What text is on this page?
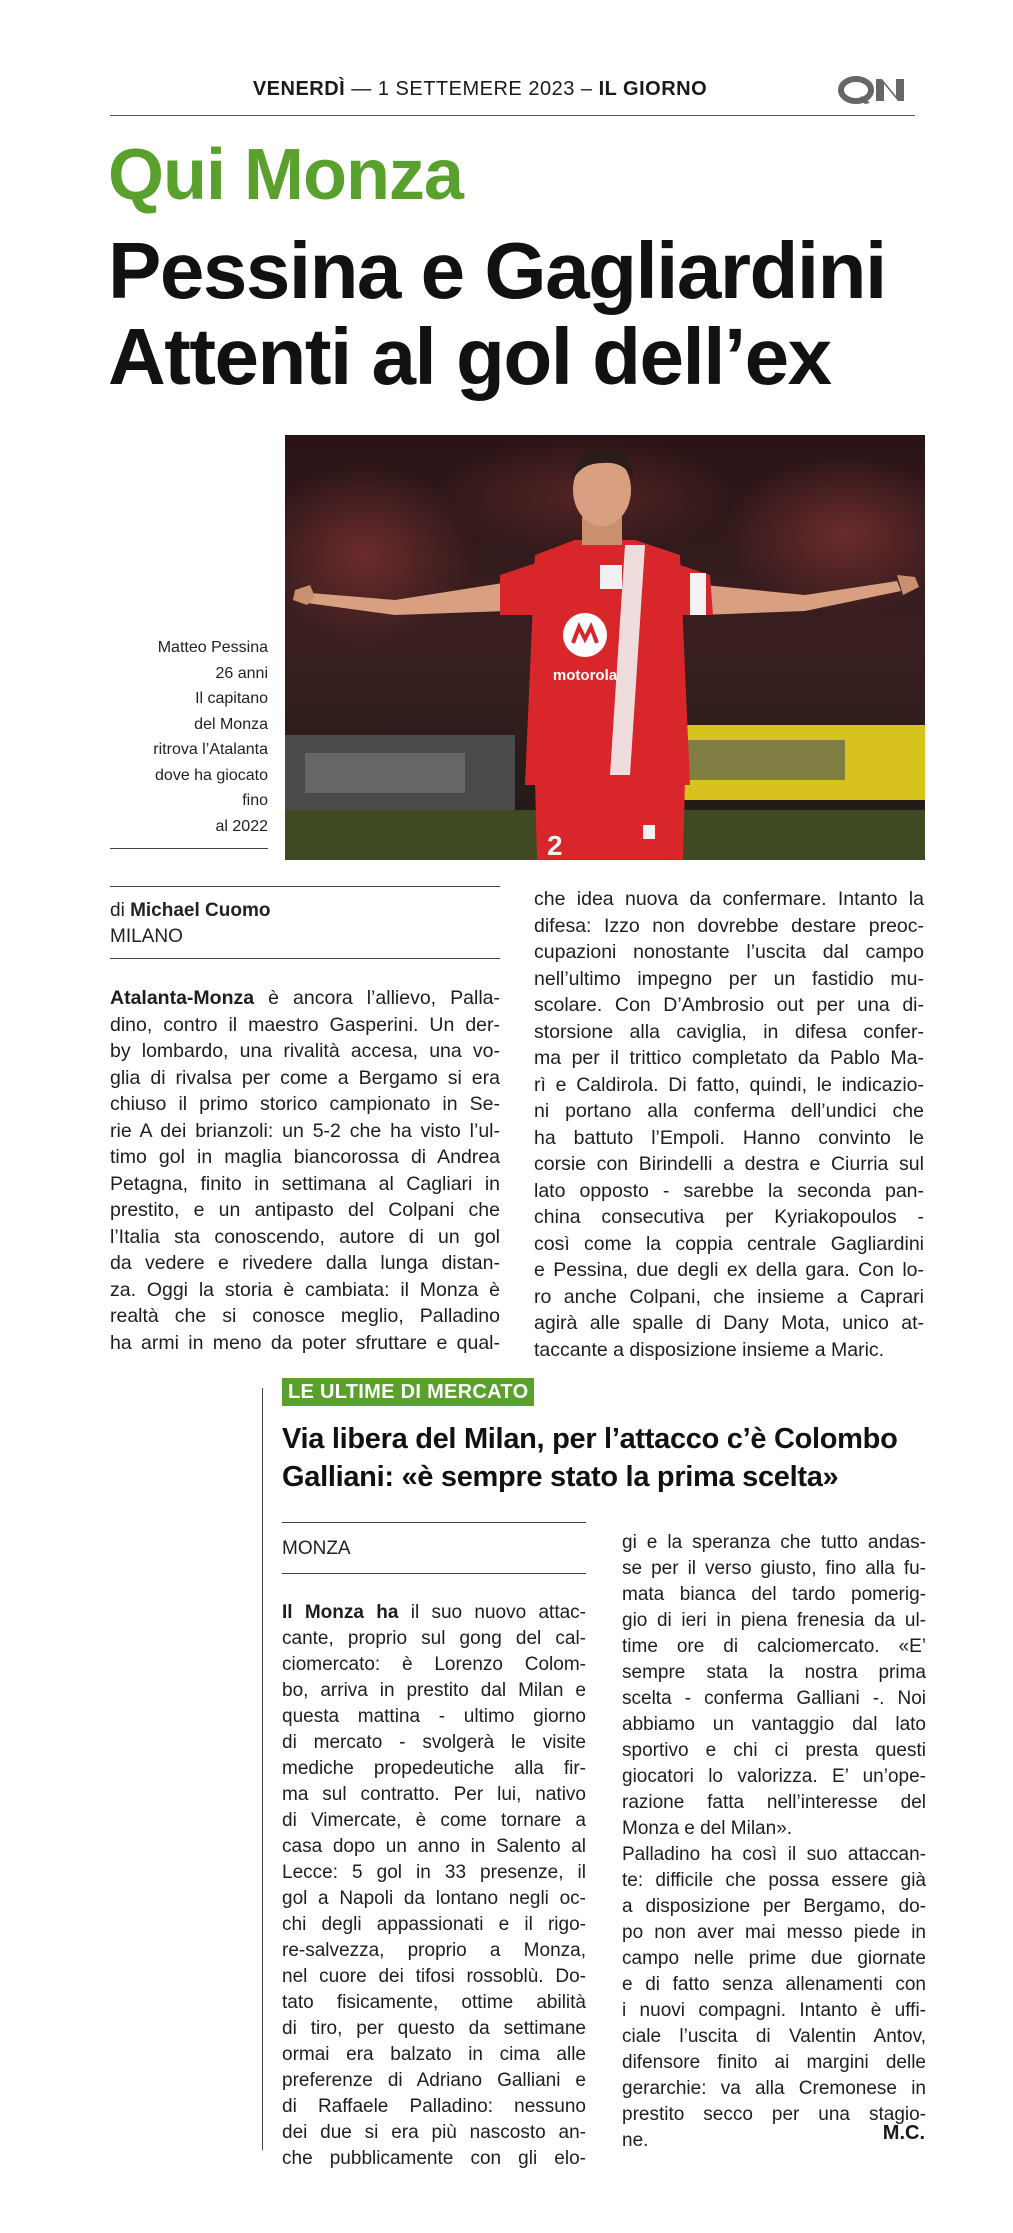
VENERDÌ — 1 SETTEMERE 2023 – IL GIORNO
QN
Qui Monza
Pessina e Gagliardini
Attenti al gol dell’ex
motorola
2
Matteo Pessina
26 anni
Il capitano
del Monza
ritrova l’Atalanta
dove ha giocato
fino
al 2022
di Michael Cuomo
MILANO
Atalanta-Monza è ancora l’allievo, Palla-
dino, contro il maestro Gasperini. Un der-
by lombardo, una rivalità accesa, una vo-
glia di rivalsa per come a Bergamo si era
chiuso il primo storico campionato in Se-
rie A dei brianzoli: un 5-2 che ha visto l’ul-
timo gol in maglia biancorossa di Andrea
Petagna, finito in settimana al Cagliari in
prestito, e un antipasto del Colpani che
l’Italia sta conoscendo, autore di un gol
da vedere e rivedere dalla lunga distan-
za. Oggi la storia è cambiata: il Monza è
realtà che si conosce meglio, Palladino
ha armi in meno da poter sfruttare e qual-
che idea nuova da confermare. Intanto la
difesa: Izzo non dovrebbe destare preoc-
cupazioni nonostante l’uscita dal campo
nell’ultimo impegno per un fastidio mu-
scolare. Con D’Ambrosio out per una di-
storsione alla caviglia, in difesa confer-
ma per il trittico completato da Pablo Ma-
rì e Caldirola. Di fatto, quindi, le indicazio-
ni portano alla conferma dell’undici che
ha battuto l’Empoli. Hanno convinto le
corsie con Birindelli a destra e Ciurria sul
lato opposto - sarebbe la seconda pan-
china consecutiva per Kyriakopoulos -
così come la coppia centrale Gagliardini
e Pessina, due degli ex della gara. Con lo-
ro anche Colpani, che insieme a Caprari
agirà alle spalle di Dany Mota, unico at-
taccante a disposizione insieme a Maric.
LE ULTIME DI MERCATO
Via libera del Milan, per l’attacco c’è Colombo
Galliani: «è sempre stato la prima scelta»
MONZA
Il Monza ha il suo nuovo attac-
cante, proprio sul gong del cal-
ciomercato: è Lorenzo Colom-
bo, arriva in prestito dal Milan e
questa mattina - ultimo giorno
di mercato - svolgerà le visite
mediche propedeutiche alla fir-
ma sul contratto. Per lui, nativo
di Vimercate, è come tornare a
casa dopo un anno in Salento al
Lecce: 5 gol in 33 presenze, il
gol a Napoli da lontano negli oc-
chi degli appassionati e il rigo-
re-salvezza, proprio a Monza,
nel cuore dei tifosi rossoblù. Do-
tato fisicamente, ottime abilità
di tiro, per questo da settimane
ormai era balzato in cima alle
preferenze di Adriano Galliani e
di Raffaele Palladino: nessuno
dei due si era più nascosto an-
che pubblicamente con gli elo-
gi e la speranza che tutto andas-
se per il verso giusto, fino alla fu-
mata bianca del tardo pomerig-
gio di ieri in piena frenesia da ul-
time ore di calciomercato. «E’
sempre stata la nostra prima
scelta - conferma Galliani -. Noi
abbiamo un vantaggio dal lato
sportivo e chi ci presta questi
giocatori lo valorizza. E’ un’ope-
razione fatta nell’interesse del
Monza e del Milan».
Palladino ha così il suo attaccan-
te: difficile che possa essere già
a disposizione per Bergamo, do-
po non aver mai messo piede in
campo nelle prime due giornate
e di fatto senza allenamenti con
i nuovi compagni. Intanto è uffi-
ciale l’uscita di Valentin Antov,
difensore finito ai margini delle
gerarchie: va alla Cremonese in
prestito secco per una stagio-
ne.	M.C.
